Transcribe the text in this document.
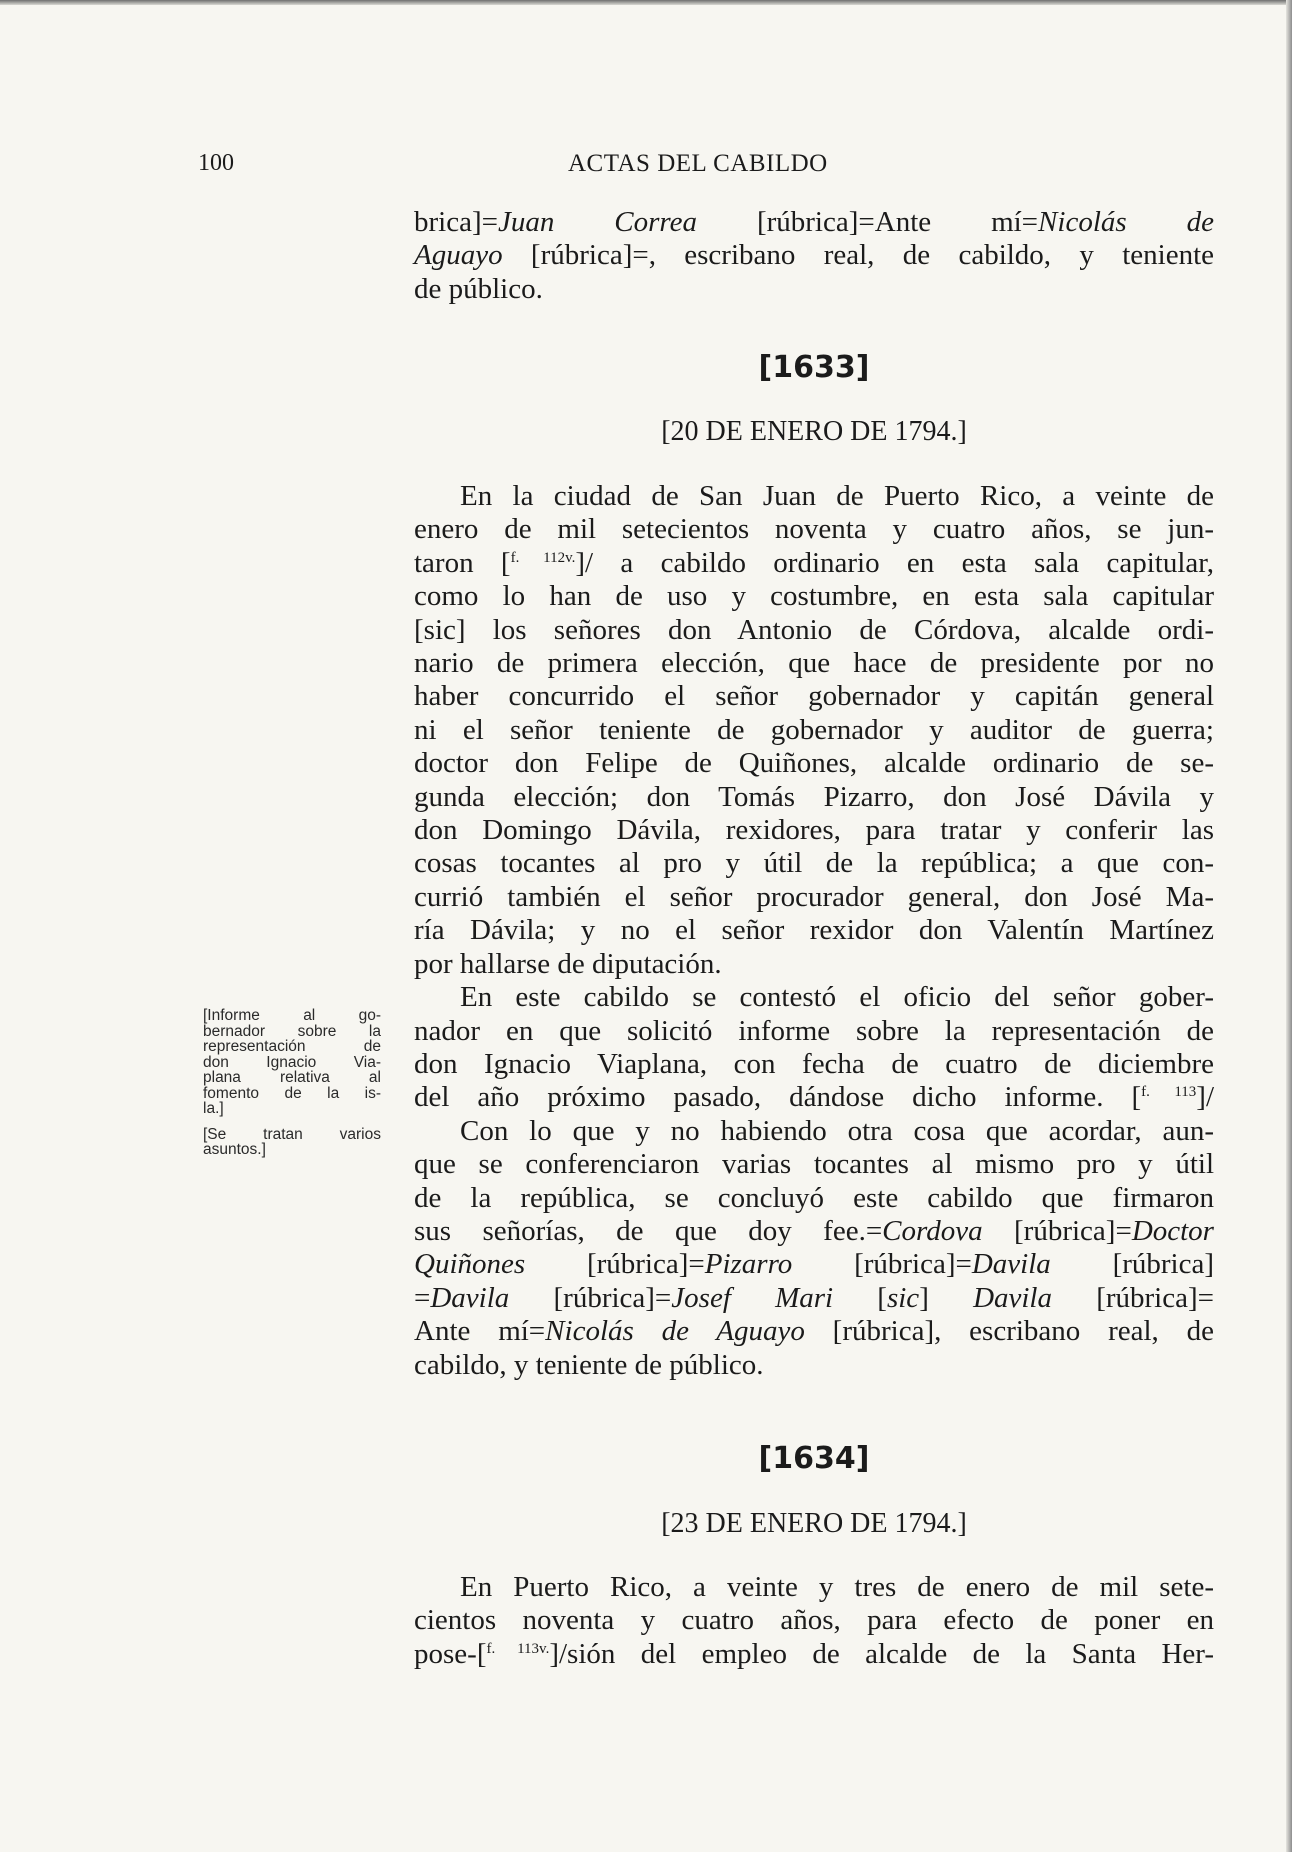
100	ACTAS DEL CABILDO
brica]=Juan Correa [rúbrica]=Ante mí=Nicolás de
Aguayo [rúbrica]=, escribano real, de cabildo, y teniente
de público.
[1633]
[20 DE ENERO DE 1794.]
En la ciudad de San Juan de Puerto Rico, a veinte de
enero de mil setecientos noventa y cuatro años, se jun-
taron [$^{f. 112v.}$]/ a cabildo ordinario en esta sala capitular,
como lo han de uso y costumbre, en esta sala capitular
[sic] los señores don Antonio de Córdova, alcalde ordi-
nario de primera elección, que hace de presidente por no
haber concurrido el señor gobernador y capitán general
ni el señor teniente de gobernador y auditor de guerra;
doctor don Felipe de Quiñones, alcalde ordinario de se-
gunda elección; don Tomás Pizarro, don José Dávila y
don Domingo Dávila, rexidores, para tratar y conferir las
cosas tocantes al pro y útil de la república; a que con-
currió también el señor procurador general, don José Ma-
ría Dávila; y no el señor rexidor don Valentín Martínez
por hallarse de diputación.
En este cabildo se contestó el oficio del señor gober-
nador en que solicitó informe sobre la representación de
don Ignacio Viaplana, con fecha de cuatro de diciembre
del año próximo pasado, dándose dicho informe. [$^{f. 113}$]/
Con lo que y no habiendo otra cosa que acordar, aun-
que se conferenciaron varias tocantes al mismo pro y útil
de la república, se concluyó este cabildo que firmaron
sus señorías, de que doy fee.=Cordova [rúbrica]=Doctor
Quiñones [rúbrica]=Pizarro [rúbrica]=Davila [rúbrica]
=Davila [rúbrica]=Josef Mari [sic] Davila [rúbrica]=
Ante mí=Nicolás de Aguayo [rúbrica], escribano real, de
cabildo, y teniente de público.
[Informe al go-
bernador sobre la
representación de
don Ignacio Via-
plana relativa al
fomento de la is-
la.]
[Se tratan varios
asuntos.]
[1634]
[23 DE ENERO DE 1794.]
En Puerto Rico, a veinte y tres de enero de mil sete-
cientos noventa y cuatro años, para efecto de poner en
pose-[$^{f. 113v.}$]/sión del empleo de alcalde de la Santa Her-
